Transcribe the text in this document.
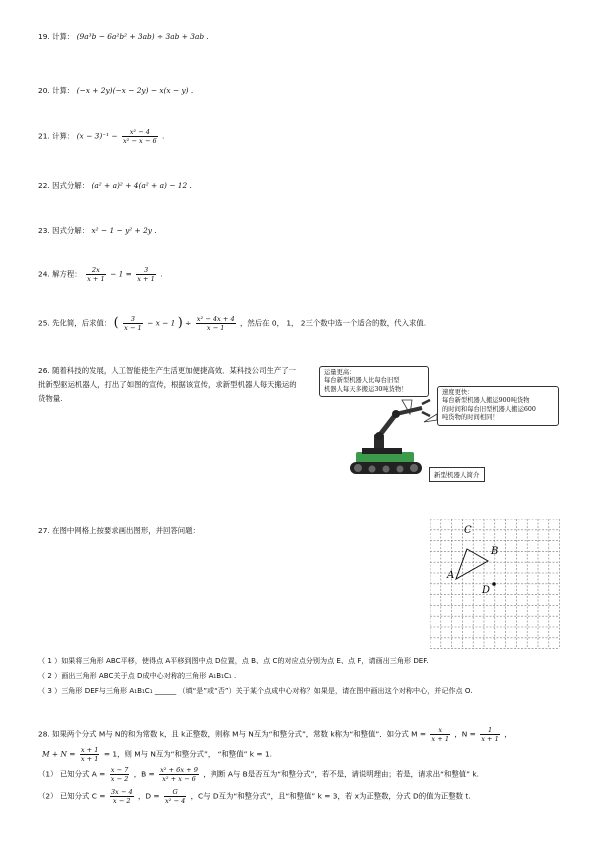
19. 计算： (9a³b − 6a²b² + 3ab) ÷ 3ab + 3ab .
20. 计算： (−x + 2y)(−x − 2y) − x(x − y) .
21. 计算： $(x - 3)^{-1} - \frac{\text{x² − 4}}{\text{x² − x − 6}}$ .
22. 因式分解： (a² + a)² + 4(a² + a) − 12 .
23. 因式分解： x² − 1 − y² + 2y .
24. 解方程： $\frac{2x}{x + 1} - 1 = \frac{3}{x + 1}$ .
25. 先化简，后求值： ( $\frac{3}{x - 1} - x - 1$ ) ÷ $\frac{\text{x² − 4x + 4}}{x - 1}$ ，然后在 0， 1， 2三个数中选一个适合的数，代入求值.
26. 随着科技的发展，人工智能使生产生活更加便捷高效．某科技公司生产了一
批新型驱运机器人，打出了如图的宣传，根据该宣传，求新型机器人每天搬运的
货物量.
运量更高：
每台新型机器人比每台旧型
机器人每天多搬运30吨货物！	速度更快：
每台新型机器人搬运900吨货物
的时间和每台旧型机器人搬运600
吨货物的时间相同！
新型机器人简介
27. 在图中网格上按要求画出图形，并回答问题：	C
B
A
D
（ 1 ）如果将三角形 ABC平移，使得点 A平移到图中点 D位置，点 B、点 C的对应点分别为点 E、点 F，请画出三角形 DEF.
（ 2 ）画出三角形 ABC关于点 D成中心对称的三角形 A₁B₁C₁ .
（ 3 ）三角形 DEF与三角形 A₁B₁C₁ ______ （填“是”或“否”）关于某个点成中心对称？如果是，请在图中画出这个对称中心，并记作点 O.
28. 如果两个分式 M与 N的和为常数 k，且 k正整数，则称 M与 N互为“和整分式”，常数 k称为“和整值”．如分式 $M = \frac{x}{x + 1}$ ，$N = \frac{1}{x + 1}$ ，
$M + N = \frac{x + 1}{x + 1} = 1$，则 M与 N互为“和整分式”， “和整值” k = 1.
（1） 已知分式 $A = \frac{x - 7}{x - 2}$ ，$B = \frac{\text{x² + 6x + 9}}{\text{x² + x − 6}}$ ，判断 A与 B是否互为“和整分式”，若不是，请说明理由；若是，请求出“和整值” k.
（2） 已知分式 $C = \frac{3x - 4}{x - 2}$ ，$D = \frac{G}{\text{x² − 4}}$ ，C与 D互为“和整分式”，且“和整值” k = 3，若 x为正整数，分式 D的值为正整数 t.
